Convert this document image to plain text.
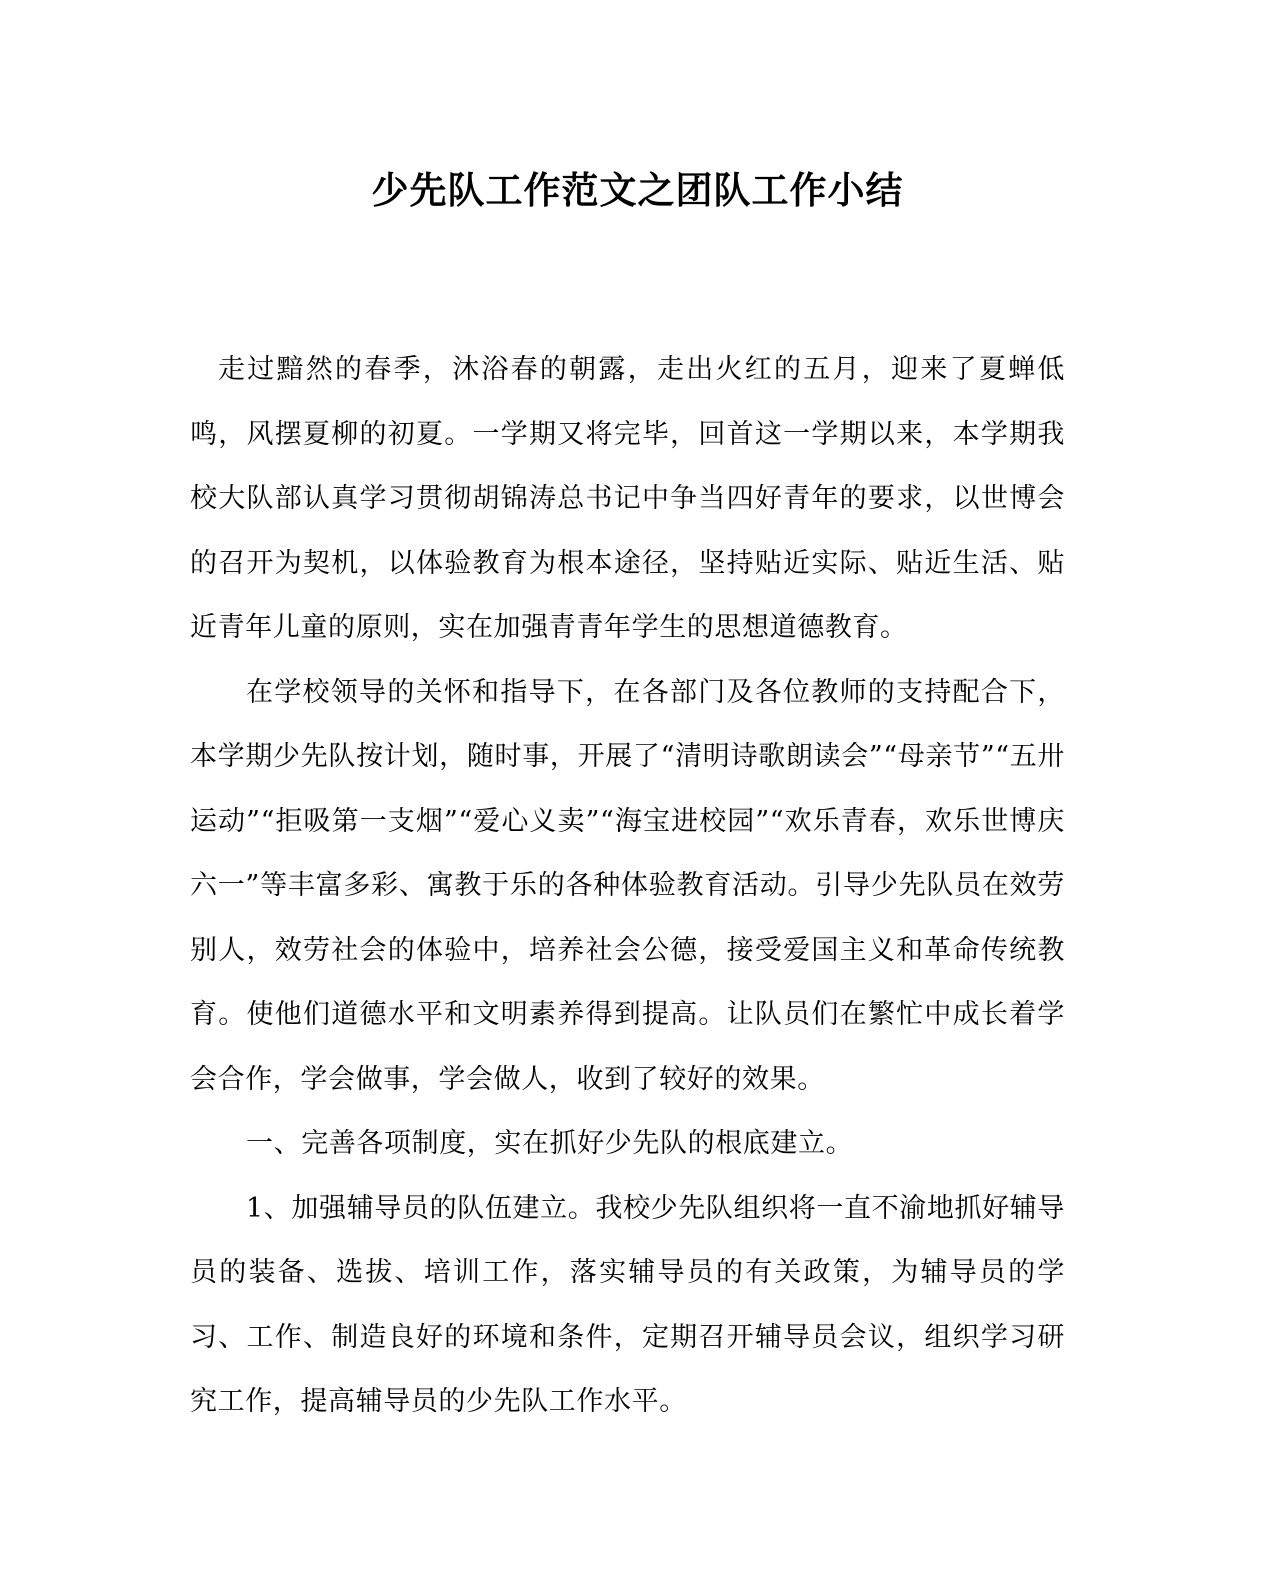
少先队工作范文之团队工作小结

走过黯然的春季，沐浴春的朝露，走出火红的五月，迎来了夏蝉低鸣，风摆夏柳的初夏。一学期又将完毕，回首这一学期以来，本学期我校大队部认真学习贯彻胡锦涛总书记中争当四好青年的要求，以世博会的召开为契机，以体验教育为根本途径，坚持贴近实际、贴近生活、贴近青年儿童的原则，实在加强青青年学生的思想道德教育。

在学校领导的关怀和指导下，在各部门及各位教师的支持配合下，本学期少先队按计划，随时事，开展了“清明诗歌朗读会”“母亲节”“五卅运动”“拒吸第一支烟”“爱心义卖”“海宝进校园”“欢乐青春，欢乐世博庆六一”等丰富多彩、寓教于乐的各种体验教育活动。引导少先队员在效劳别人，效劳社会的体验中，培养社会公德，接受爱国主义和革命传统教育。使他们道德水平和文明素养得到提高。让队员们在繁忙中成长着学会合作，学会做事，学会做人，收到了较好的效果。

一、完善各项制度，实在抓好少先队的根底建立。

1、加强辅导员的队伍建立。我校少先队组织将一直不渝地抓好辅导员的装备、选拔、培训工作，落实辅导员的有关政策，为辅导员的学习、工作、制造良好的环境和条件，定期召开辅导员会议，组织学习研究工作，提高辅导员的少先队工作水平。
